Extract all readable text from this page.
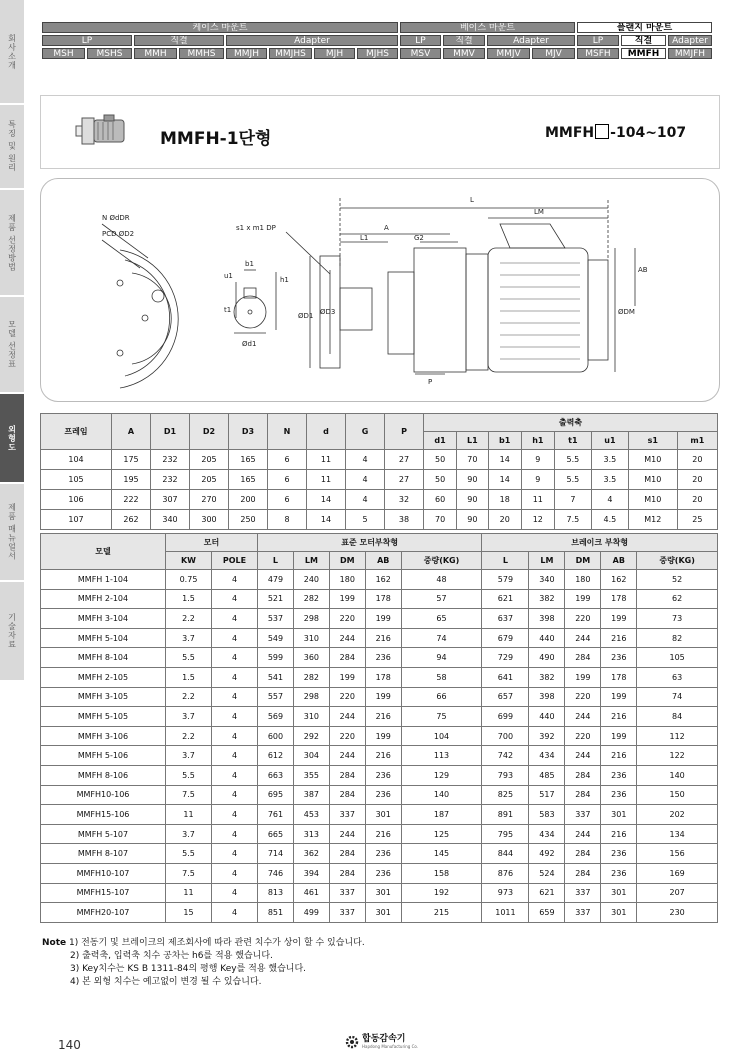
회사소개
특징 및 원리
제품 선정방법
모델 선정표
외형도
제품 매뉴얼서
기술자료
케이스 마운트	베이스 마운트	플랜지 마운트
LP	직결	Adapter	LP	직결	Adapter	LP	직결	Adapter
MSH	MSHS	MMH	MMHS	MMJH	MMJHS	MJH	MJHS	MSV	MMV	MMJV	MJV	MSFH	MMFH	MMJFH
MMFH-1단형	MMFH -104~107
N ØdDR
PCD ØD2
s1 x m1 DP
b1
u1
t1
h1
Ød1
L
LM
A
L1	G2
AB
ØD1 ØD3	ØDM
P
프레임	A	D1	D2	D3	N	d	G	P	출력축							
									d1	L1	b1	h1	t1	u1	s1	m1
104	175	232	205	165	6	11	4	27	50	70	14	9	5.5	3.5	M10	20
105	195	232	205	165	6	11	4	27	50	90	14	9	5.5	3.5	M10	20
106	222	307	270	200	6	14	4	32	60	90	18	11	7	4	M10	20
107	262	340	300	250	8	14	5	38	70	90	20	12	7.5	4.5	M12	25
모델	모터		표준 모터부착형					브레이크 부착형				
	KW	POLE	L	LM	DM	AB	중량(KG)	L	LM	DM	AB	중량(KG)
MMFH 1-104	0.75	4	479	240	180	162	48	579	340	180	162	52
MMFH 2-104	1.5	4	521	282	199	178	57	621	382	199	178	62
MMFH 3-104	2.2	4	537	298	220	199	65	637	398	220	199	73
MMFH 5-104	3.7	4	549	310	244	216	74	679	440	244	216	82
MMFH 8-104	5.5	4	599	360	284	236	94	729	490	284	236	105
MMFH 2-105	1.5	4	541	282	199	178	58	641	382	199	178	63
MMFH 3-105	2.2	4	557	298	220	199	66	657	398	220	199	74
MMFH 5-105	3.7	4	569	310	244	216	75	699	440	244	216	84
MMFH 3-106	2.2	4	600	292	220	199	104	700	392	220	199	112
MMFH 5-106	3.7	4	612	304	244	216	113	742	434	244	216	122
MMFH 8-106	5.5	4	663	355	284	236	129	793	485	284	236	140
MMFH10-106	7.5	4	695	387	284	236	140	825	517	284	236	150
MMFH15-106	11	4	761	453	337	301	187	891	583	337	301	202
MMFH 5-107	3.7	4	665	313	244	216	125	795	434	244	216	134
MMFH 8-107	5.5	4	714	362	284	236	145	844	492	284	236	156
MMFH10-107	7.5	4	746	394	284	236	158	876	524	284	236	169
MMFH15-107	11	4	813	461	337	301	192	973	621	337	301	207
MMFH20-107	15	4	851	499	337	301	215	1011	659	337	301	230
Note 1) 전동기 및 브레이크의 제조회사에 따라 관련 치수가 상이 할 수 있습니다.
2) 출력축, 입력축 치수 공차는 h6를 적용 했습니다.
3) Key치수는 KS B 1311-84의 평행 Key를 적용 했습니다.
4) 본 외형 치수는 예고없이 변경 될 수 있습니다.
140	합동감속기
Hapdong Manufacturing Co.
